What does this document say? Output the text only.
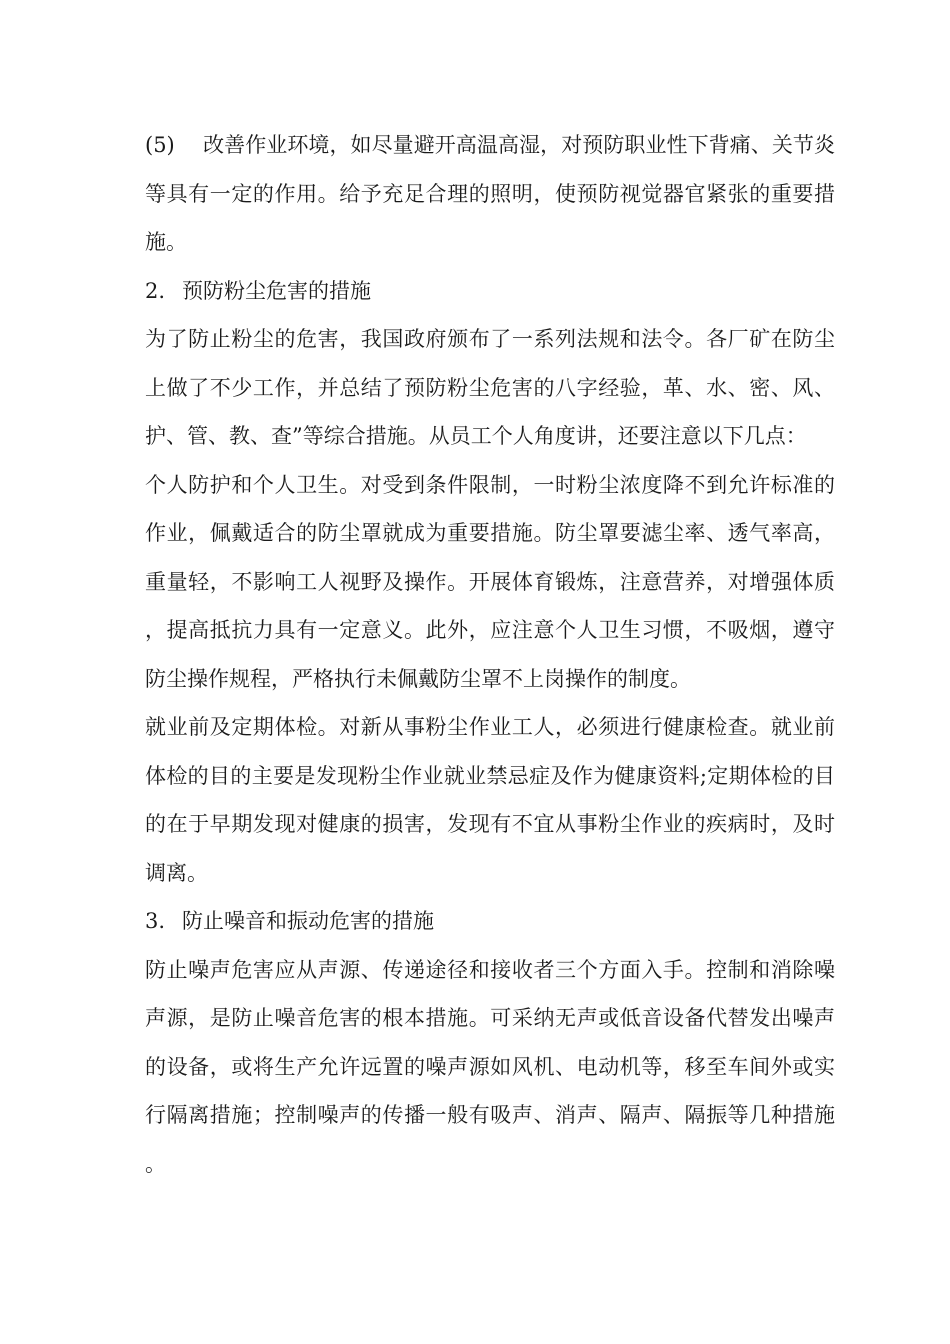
(5) 改善作业环境，如尽量避开高温高湿，对预防职业性下背痛、关节炎等具有一定的作用。给予充足合理的照明，使预防视觉器官紧张的重要措施。

2. 预防粉尘危害的措施

为了防止粉尘的危害，我国政府颁布了一系列法规和法令。各厂矿在防尘上做了不少工作，并总结了预防粉尘危害的八字经验，革、水、密、风、护、管、教、查”等综合措施。从员工个人角度讲，还要注意以下几点：

个人防护和个人卫生。对受到条件限制，一时粉尘浓度降不到允许标准的作业，佩戴适合的防尘罩就成为重要措施。防尘罩要滤尘率、透气率高，重量轻，不影响工人视野及操作。开展体育锻炼，注意营养，对增强体质，提高抵抗力具有一定意义。此外，应注意个人卫生习惯，不吸烟，遵守防尘操作规程，严格执行未佩戴防尘罩不上岗操作的制度。

就业前及定期体检。对新从事粉尘作业工人，必须进行健康检查。就业前体检的目的主要是发现粉尘作业就业禁忌症及作为健康资料;定期体检的目的在于早期发现对健康的损害，发现有不宜从事粉尘作业的疾病时，及时调离。

3. 防止噪音和振动危害的措施

防止噪声危害应从声源、传递途径和接收者三个方面入手。控制和消除噪声源，是防止噪音危害的根本措施。可采纳无声或低音设备代替发出噪声的设备，或将生产允许远置的噪声源如风机、电动机等，移至车间外或实行隔离措施；控制噪声的传播一般有吸声、消声、隔声、隔振等几种措施。
